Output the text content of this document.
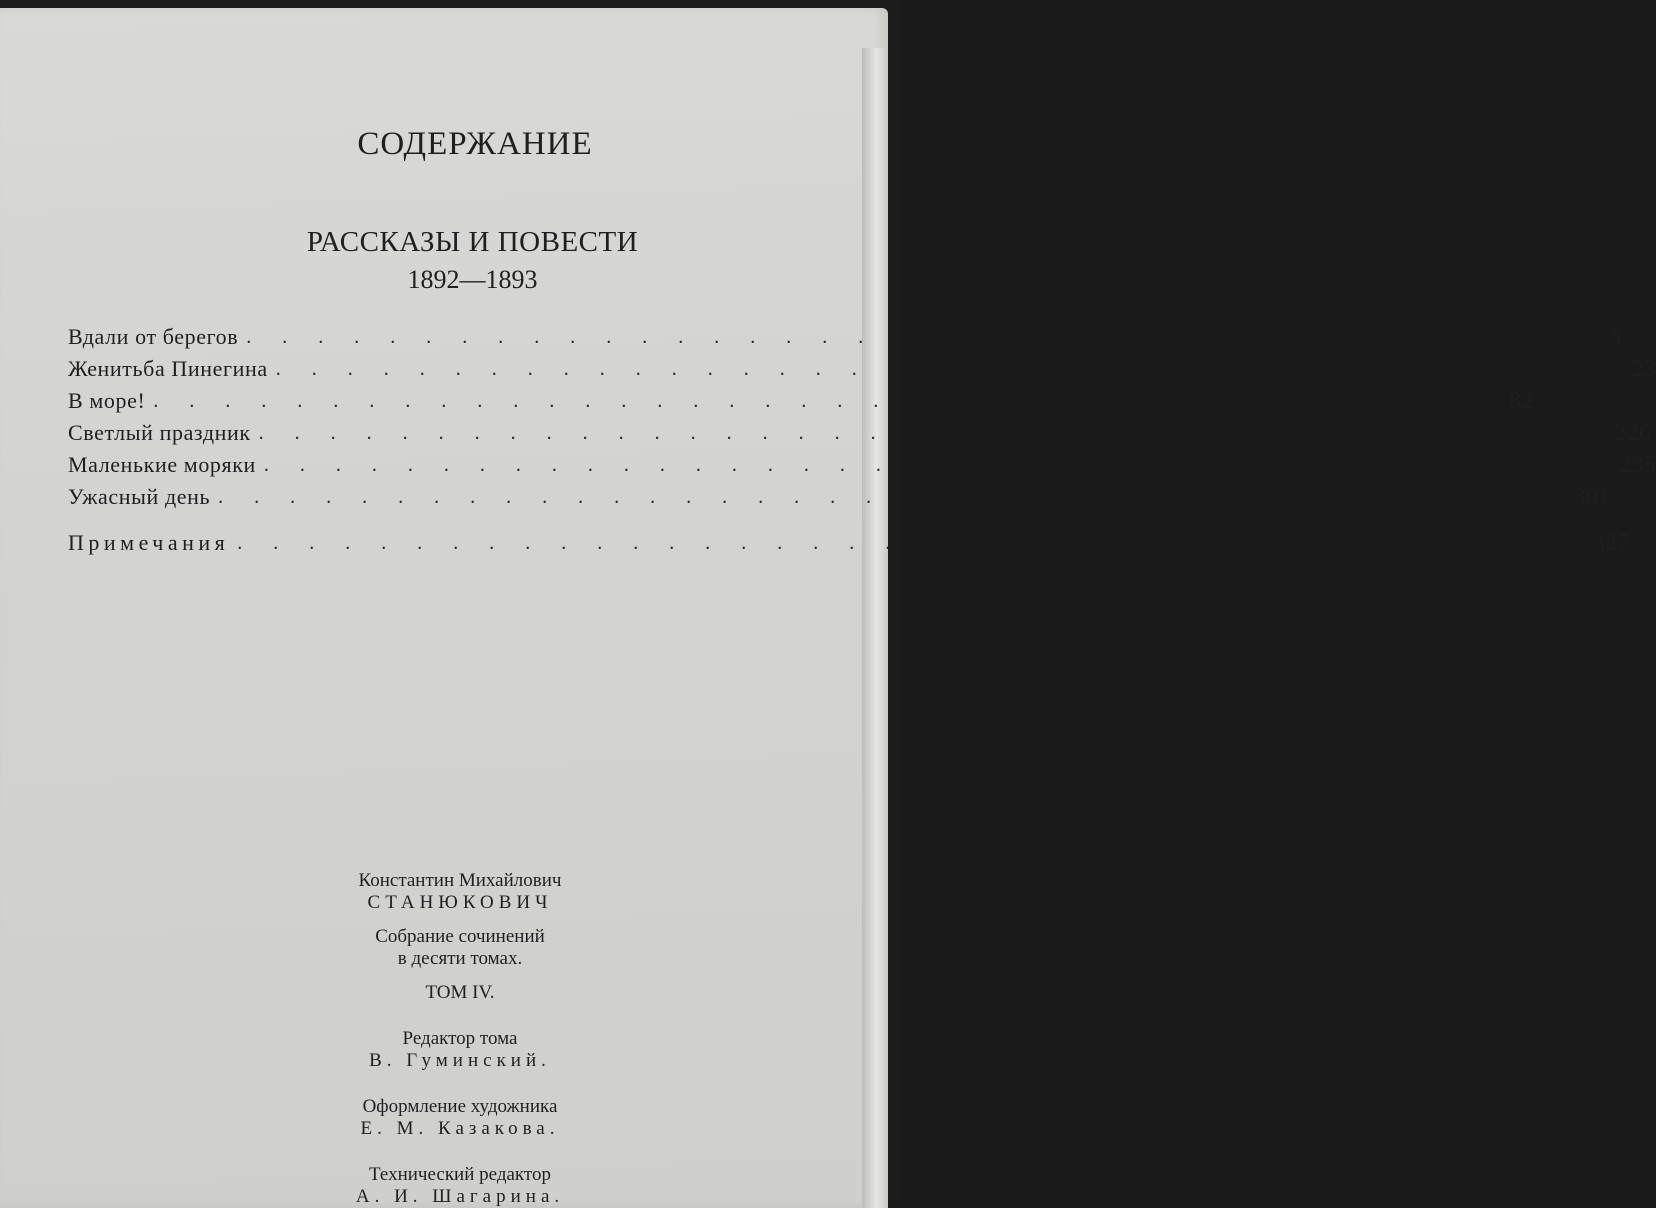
СОДЕРЖАНИЕ
РАССКАЗЫ И ПОВЕСТИ
1892—1893
Вдали от берегов . . . . . . . . . . . . . . . . . . . . . . . . . . . . . . . . . . . . . . 5
Женитьба Пинегина . . . . . . . . . . . . . . . . . . . . . . . . . . . . . . . . . . . . . . 23
В море! . . . . . . . . . . . . . . . . . . . . . . . . . . . . . . . . . . . . . . 82
Светлый праздник . . . . . . . . . . . . . . . . . . . . . . . . . . . . . . . . . . . . . . 226
Маленькие моряки . . . . . . . . . . . . . . . . . . . . . . . . . . . . . . . . . . . . . . 235
Ужасный день . . . . . . . . . . . . . . . . . . . . . . . . . . . . . . . . . . . . . . 301
Примечания . . . . . . . . . . . . . . . . . . . . . . . . . . . . . . . . . . . . . . 327
Константин Михайлович
СТАНЮКОВИЧ
Собрание сочинений
в десяти томах.
ТОМ IV.
Редактор тома
В. Гуминский.
Оформление художника
Е. М. Казакова.
Технический редактор
А. И. Шагарина.
